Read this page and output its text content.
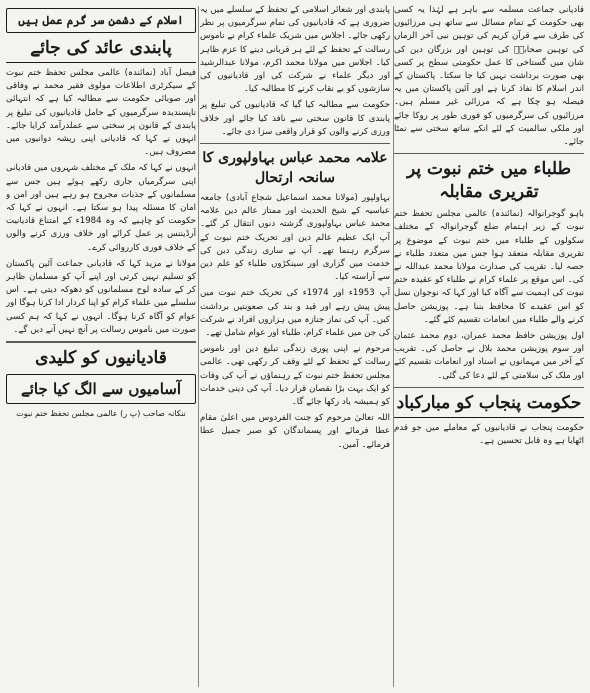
قادیانی جماعت مسلمہ سے باہر ہے لہٰذا یہ کسی بھی حکومت کے تمام مسائل سے ساتھ ہی مرزائیوں کی طرف سے قرآن کریم کی توہین نبی آخر الزماں کی توہین صحابہؓ کی توہین اور بزرگان دین کی شان میں گستاخی کا عمل حکومتی سطح پر کسی بھی صورت برداشت نہیں کیا جا سکتا۔ پاکستان کے اندر اسلام کا نفاذ کرنا ہے اور آئین پاکستان میں یہ فیصلہ ہو چکا ہے کہ مرزائی غیر مسلم ہیں۔ مرزائیوں کی سرگرمیوں کو فوری طور پر روکا جائے اور ملکی سالمیت کے لئے انکے ساتھ سختی سے نمٹا جائے۔

طلباء میں ختم نبوت پر تقریری مقابلہ

باہو گوجرانوالہ (نمائندہ) عالمی مجلس تحفظ ختم نبوت کے زیر اہتمام ضلع گوجرانوالہ کے مختلف سکولوں کے طلباء میں ختم نبوت کے موضوع پر تقریری مقابلہ منعقد ہوا جس میں متعدد طلباء نے حصہ لیا۔ تقریب کی صدارت مولانا محمد عبداللہ نے کی۔ اس موقع پر علماء کرام نے طلباء کو عقیدہ ختم نبوت کی اہمیت سے آگاہ کیا اور کہا کہ نوجوان نسل کو اس عقیدے کا محافظ بننا ہے۔ پوزیشن حاصل کرنے والے طلباء میں انعامات تقسیم کئے گئے۔

اول پوزیشن حافظ محمد عمران، دوم محمد عثمان اور سوم پوزیشن محمد بلال نے حاصل کی۔ تقریب کے آخر میں مہمانوں نے اسناد اور انعامات تقسیم کئے اور ملک کی سلامتی کے لئے دعا کی گئی۔

حکومت پنجاب کو مبارکباد

حکومت پنجاب نے قادیانیوں کے معاملے میں جو قدم اٹھایا ہے وہ قابل تحسین ہے۔

پابندی اور شعائر اسلامی کے تحفظ کے سلسلے میں یہ ضروری ہے کہ قادیانیوں کی تمام سرگرمیوں پر نظر رکھی جائے۔ اجلاس میں شریک علماء کرام نے ناموس رسالت کے تحفظ کے لئے ہر قربانی دینے کا عزم ظاہر کیا۔ اجلاس میں مولانا محمد اکرم، مولانا عبدالرشید اور دیگر علماء نے شرکت کی اور قادیانیوں کی سازشوں کو بے نقاب کرنے کا مطالبہ کیا۔

حکومت سے مطالبہ کیا گیا کہ قادیانیوں کی تبلیغ پر پابندی کا قانون سختی سے نافذ کیا جائے اور خلاف ورزی کرنے والوں کو قرار واقعی سزا دی جائے۔

علامہ محمد عباس بہاولپوری کا سانحہ ارتحال

بہاولپور (مولانا محمد اسماعیل شجاع آبادی) جامعہ عباسیہ کے شیخ الحدیث اور ممتاز عالم دین علامہ محمد عباس بہاولپوری گزشتہ دنوں انتقال کر گئے۔ آپ ایک عظیم عالم دین اور تحریک ختم نبوت کے سرگرم رہنما تھے۔ آپ نے ساری زندگی دین کی خدمت میں گزاری اور سینکڑوں طلباء کو علم دین سے آراستہ کیا۔

آپ 1953ء اور 1974ء کی تحریک ختم نبوت میں پیش پیش رہے اور قید و بند کی صعوبتیں برداشت کیں۔ آپ کی نماز جنازہ میں ہزاروں افراد نے شرکت کی جن میں علماء کرام، طلباء اور عوام شامل تھے۔

مرحوم نے اپنی پوری زندگی تبلیغ دین اور ناموس رسالت کے تحفظ کے لئے وقف کر رکھی تھی۔ عالمی مجلس تحفظ ختم نبوت کے رہنماؤں نے آپ کی وفات کو ایک بہت بڑا نقصان قرار دیا۔ آپ کی دینی خدمات کو ہمیشہ یاد رکھا جائے گا۔

اللہ تعالیٰ مرحوم کو جنت الفردوس میں اعلیٰ مقام عطا فرمائے اور پسماندگان کو صبر جمیل عطا فرمائے۔ آمین۔

اسلام کے دشمن سر گرم عمل ہیں
پابندی عائد کی جائے

فیصل آباد (نمائندہ) عالمی مجلس تحفظ ختم نبوت کے سیکرٹری اطلاعات مولوی فقیر محمد نے وفاقی اور صوبائی حکومت سے مطالبہ کیا ہے کہ انتہائی ناپسندیدہ سرگرمیوں کے حامل قادیانیوں کی تبلیغ پر پابندی کے قانون پر سختی سے عملدرآمد کرایا جائے۔ انہوں نے کہا کہ قادیانی اپنی ریشہ دوانیوں میں مصروف ہیں۔

انہوں نے کہا کہ ملک کے مختلف شہروں میں قادیانی اپنی سرگرمیاں جاری رکھے ہوئے ہیں جس سے مسلمانوں کے جذبات مجروح ہو رہے ہیں اور امن و امان کا مسئلہ پیدا ہو سکتا ہے۔ انہوں نے کہا کہ حکومت کو چاہیے کہ وہ 1984ء کے امتناع قادیانیت آرڈیننس پر عمل کرائے اور خلاف ورزی کرنے والوں کے خلاف فوری کارروائی کرے۔

مولانا نے مزید کہا کہ قادیانی جماعت آئین پاکستان کو تسلیم نہیں کرتی اور اپنے آپ کو مسلمان ظاہر کر کے سادہ لوح مسلمانوں کو دھوکہ دیتی ہے۔ اس سلسلے میں علماء کرام کو اپنا کردار ادا کرنا ہوگا اور عوام کو آگاہ کرنا ہوگا۔ انہوں نے کہا کہ ہم کسی صورت میں ناموس رسالت پر آنچ نہیں آنے دیں گے۔

قادیانیوں کو کلیدی
آسامیوں سے الگ کیا جائے
ننکانہ صاحب (پ ر) عالمی مجلس تحفظ ختم نبوت
